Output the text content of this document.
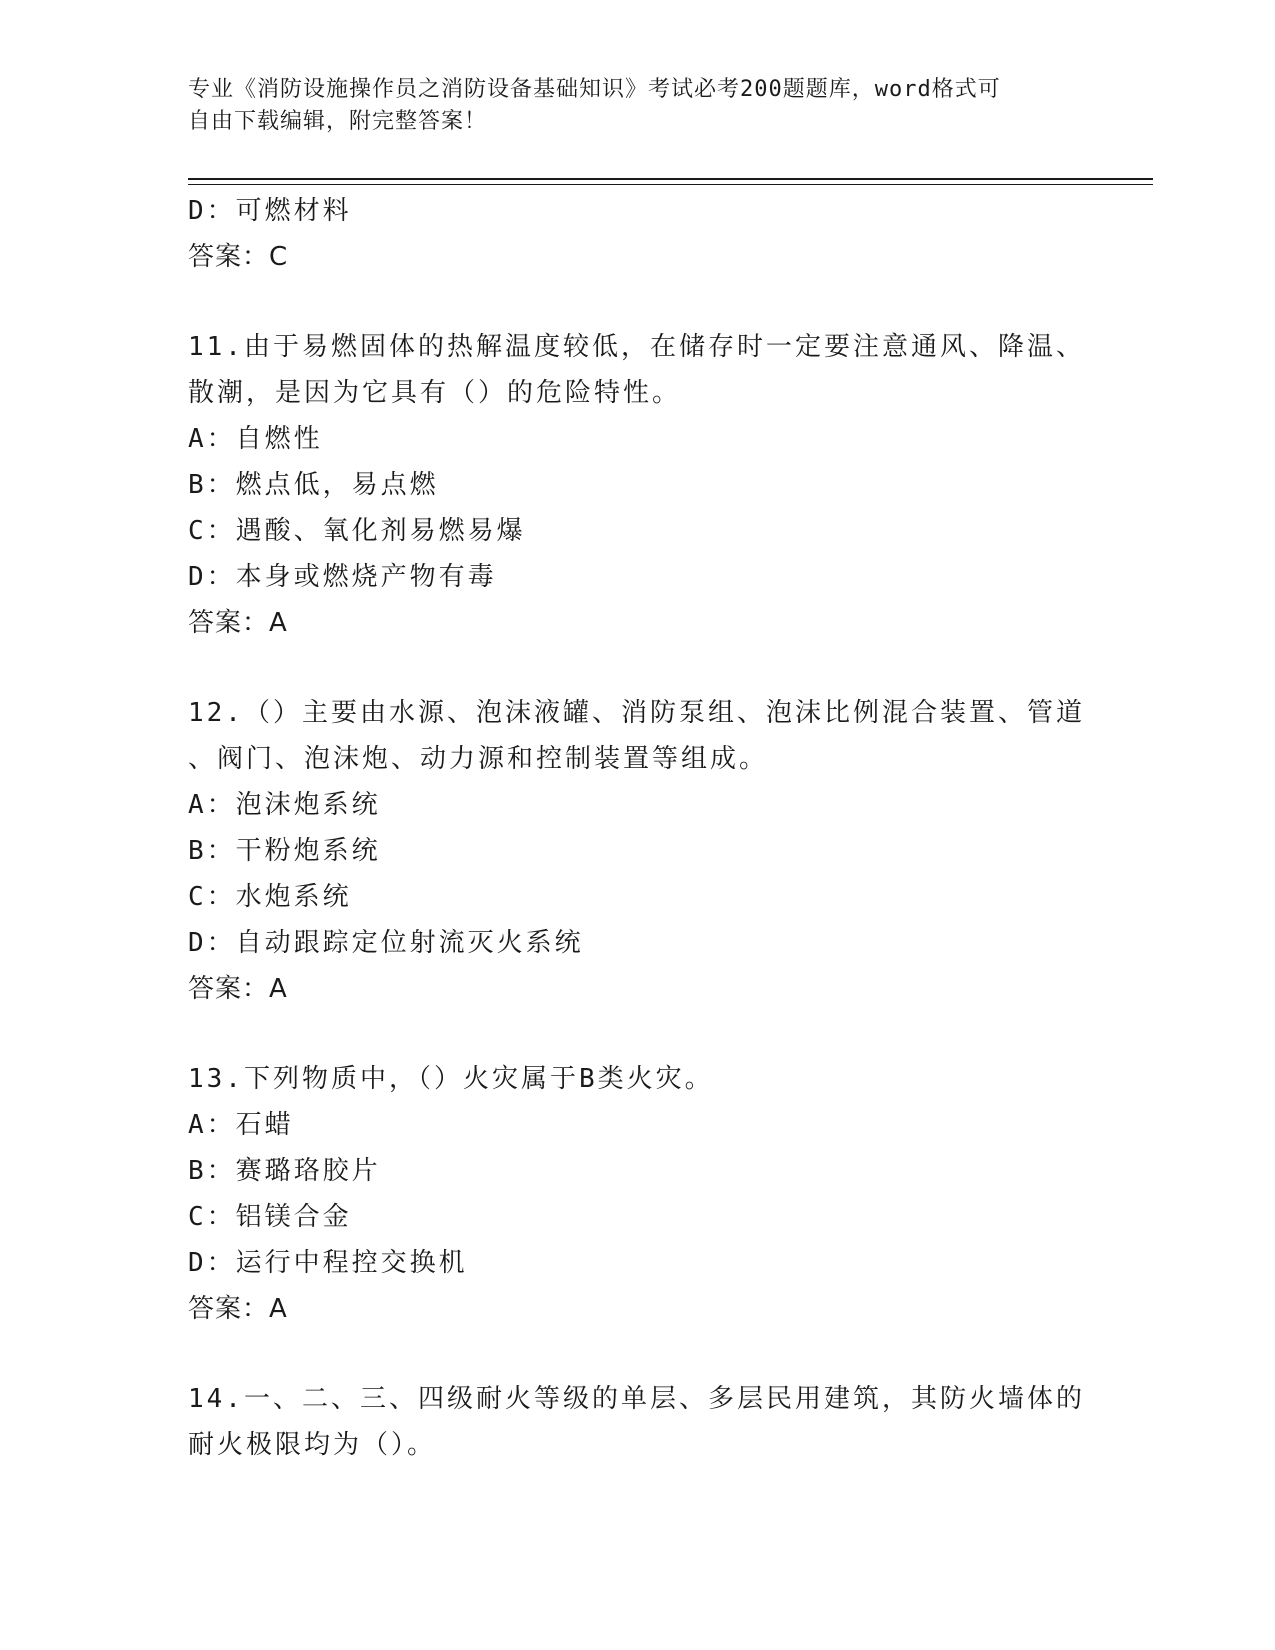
专业《消防设施操作员之消防设备基础知识》考试必考200题题库，word格式可
自由下载编辑，附完整答案！
D：可燃材料
答案：C
11.由于易燃固体的热解温度较低，在储存时一定要注意通风、降温、
散潮，是因为它具有（）的危险特性。
A：自燃性
B：燃点低，易点燃
C：遇酸、氧化剂易燃易爆
D：本身或燃烧产物有毒
答案：A
12.（）主要由水源、泡沫液罐、消防泵组、泡沫比例混合装置、管道
、阀门、泡沫炮、动力源和控制装置等组成。
A：泡沫炮系统
B：干粉炮系统
C：水炮系统
D：自动跟踪定位射流灭火系统
答案：A
13.下列物质中，（）火灾属于B类火灾。
A：石蜡
B：赛璐珞胶片
C：铝镁合金
D：运行中程控交换机
答案：A
14.一、二、三、四级耐火等级的单层、多层民用建筑，其防火墙体的
耐火极限均为（）。
